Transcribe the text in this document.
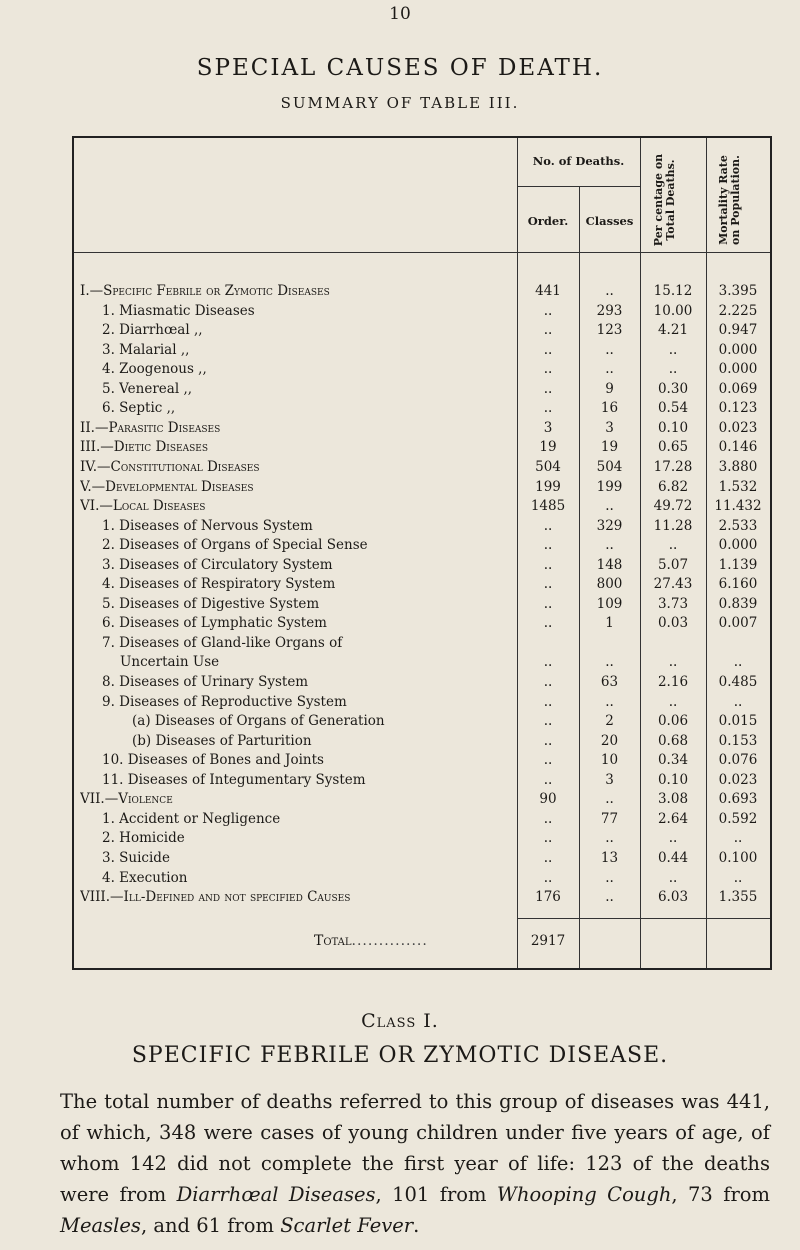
10
SPECIAL CAUSES OF DEATH.
SUMMARY OF TABLE III.
No. of Deaths.
Order.	Classes	Per centage on Total Deaths.	Mortality Rate on Population.
I.—Specific Febrile or Zymotic Diseases	441	..	15.12	3.395
1. Miasmatic Diseases	..	293	10.00	2.225
2. Diarrhœal ,,	..	123	4.21	0.947
3. Malarial ,,	..	..	..	0.000
4. Zoogenous ,,	..	..	..	0.000
5. Venereal ,,	..	9	0.30	0.069
6. Septic ,,	..	16	0.54	0.123
II.—Parasitic Diseases	3	3	0.10	0.023
III.—Dietic Diseases	19	19	0.65	0.146
IV.—Constitutional Diseases	504	504	17.28	3.880
V.—Developmental Diseases	199	199	6.82	1.532
VI.—Local Diseases	1485	..	49.72	11.432
1. Diseases of Nervous System	..	329	11.28	2.533
2. Diseases of Organs of Special Sense	..	..	..	0.000
3. Diseases of Circulatory System	..	148	5.07	1.139
4. Diseases of Respiratory System	..	800	27.43	6.160
5. Diseases of Digestive System	..	109	3.73	0.839
6. Diseases of Lymphatic System	..	1	0.03	0.007
7. Diseases of Gland-like Organs of
Uncertain Use	..	..	..	..
8. Diseases of Urinary System	..	63	2.16	0.485
9. Diseases of Reproductive System	..	..	..	..
(a) Diseases of Organs of Generation	..	2	0.06	0.015
(b) Diseases of Parturition	..	20	0.68	0.153
10. Diseases of Bones and Joints	..	10	0.34	0.076
11. Diseases of Integumentary System	..	3	0.10	0.023
VII.—Violence	90	..	3.08	0.693
1. Accident or Negligence	..	77	2.64	0.592
2. Homicide	..	..	..	..
3. Suicide	..	13	0.44	0.100
4. Execution	..	..	..	..
VIII.—Ill-Defined and not specified Causes	176	..	6.03	1.355
Total..............	2917
Class I.
SPECIFIC FEBRILE OR ZYMOTIC DISEASE.
The total number of deaths referred to this group of diseases was 441, of which, 348 were cases of young children under five years of age, of whom 142 did not complete the first year of life: 123 of the deaths were from Diarrhœal Diseases, 101 from Whooping Cough, 73 from Measles, and 61 from Scarlet Fever.
